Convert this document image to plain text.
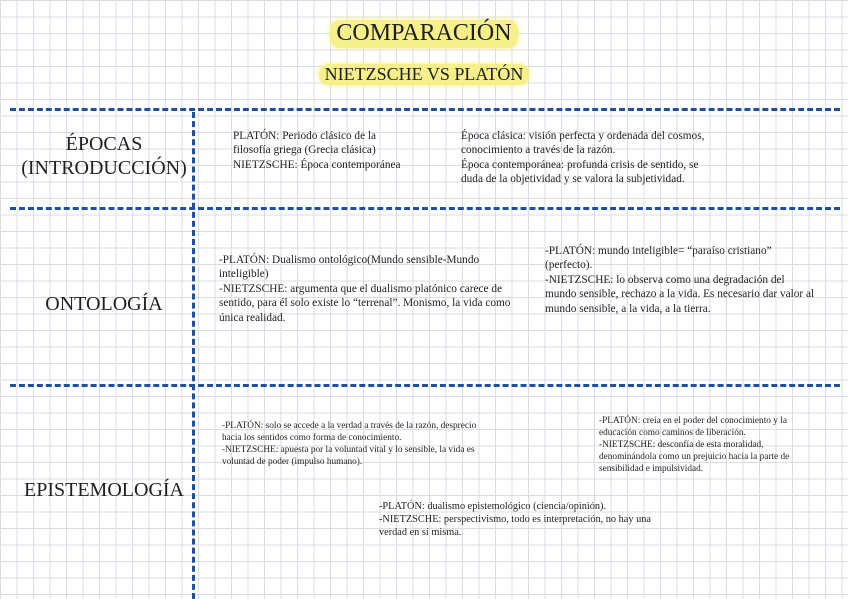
COMPARACIÓN
NIETZSCHE VS PLATÓN
ÉPOCAS
(INTRODUCCIÓN)

PLATÓN: Periodo clásico de la

filosofía griega (Grecia clásica)

NIETZSCHE: Época contemporánea

Época clásica: visión perfecta y ordenada del cosmos,

conocimiento a través de la razón.

Época contemporánea: profunda crisis de sentido, se

duda de la objetividad y se valora la subjetividad.

ONTOLOGÍA

-PLATÓN: Dualismo ontológico(Mundo sensible-Mundo

inteligible)

-NIETZSCHE: argumenta que el dualismo platónico carece de

sentido, para él solo existe lo “terrenal”. Monismo, la vida como

única realidad.

-PLATÓN: mundo inteligible= “paraíso cristiano”

(perfecto).

-NIETZSCHE: lo observa como una degradación del

mundo sensible, rechazo a la vida. Es necesario dar valor al

mundo sensible, a la vida, a la tierra.

EPISTEMOLOGÍA

-PLATÓN: solo se accede a la verdad a través de la razón, desprecio

hacia los sentidos como forma de conocimiento.

-NIETZSCHE: apuesta por la voluntad vital y lo sensible, la vida es

voluntad de poder (impulso humano).

-PLATÓN: creía en el poder del conocimiento y la

educación como caminos de liberación.

-NIETZSCHE: desconfía de esta moralidad,

denominándola como un prejuicio hacia la parte de

sensibilidad e impulsividad.

-PLATÓN: dualismo epistemológico (ciencia/opinión).

-NIETZSCHE: perspectivismo, todo es interpretación, no hay una

verdad en sí misma.
